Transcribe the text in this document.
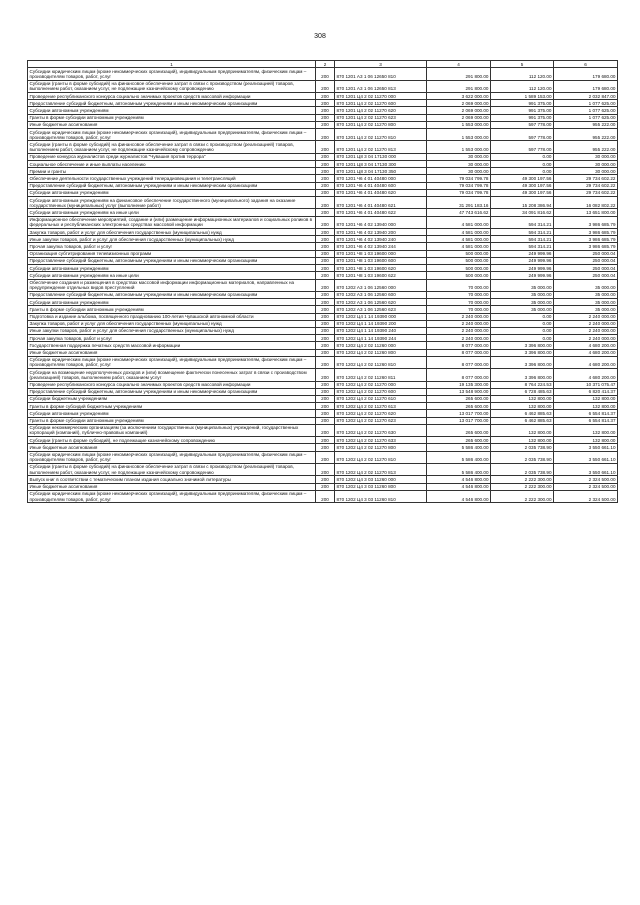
308
1	2	3	4	5	6
Субсидии юридическим лицам (кроме некоммерческих организаций), индивидуальным предпринимателям, физическим лицам – производителям товаров, работ, услуг	200	870 1201 А3 1 06 12650 810	291 800.00	112 120.00	179 680.00
Субсидии (гранты в форме субсидий) на финансовое обеспечение затрат в связи с производством (реализацией) товаров, выполнением работ, оказанием услуг, не подлежащие казначейскому сопровождению	200	870 1201 А3 1 06 12650 813	291 800.00	112 120.00	179 680.00
Проведение республиканского конкурса социально значимых проектов средств массовой информации	200	870 1201 Ц4 2 02 11270 000	3 622 000.00	1 589 153.00	2 032 847.00
Предоставление субсидий бюджетным, автономным учреждениям и иным некоммерческим организациям	200	870 1201 Ц4 2 02 11270 600	2 069 000.00	991 375.00	1 077 625.00
Субсидии автономным учреждениям	200	870 1201 Ц4 2 02 11270 620	2 069 000.00	991 375.00	1 077 625.00
Гранты в форме субсидии автономным учреждениям	200	870 1201 Ц4 2 02 11270 623	2 069 000.00	991 375.00	1 077 625.00
Иные бюджетные ассигнования	200	870 1201 Ц4 2 02 11270 800	1 553 000.00	597 778.00	955 222.00
Субсидии юридическим лицам (кроме некоммерческих организаций), индивидуальным предпринимателям, физическим лицам – производителям товаров, работ, услуг	200	870 1201 Ц4 2 02 11270 810	1 553 000.00	597 778.00	955 222.00
Субсидии (гранты в форме субсидий) на финансовое обеспечение затрат в связи с производством (реализацией) товаров, выполнением работ, оказанием услуг, не подлежащие казначейскому сопровождению	200	870 1201 Ц4 2 02 11270 813	1 553 000.00	597 778.00	955 222.00
Проведение конкурса журналистов среди журналистов "Чувашия против террора"	200	870 1201 Ц8 3 04 17130 000	30 000.00	0.00	30 000.00
Социальное обеспечение и иные выплаты населению	200	870 1201 Ц8 3 04 17130 300	30 000.00	0.00	30 000.00
Премии и гранты	200	870 1201 Ц8 3 04 17130 350	30 000.00	0.00	30 000.00
Обеспечение деятельности государственных учреждений телерадиовещания и телетрансляций	200	870 1201 Ч6 4 01 40480 000	79 034 799.78	49 300 197.56	29 734 602.22
Предоставление субсидий бюджетным, автономным учреждениям и иным некоммерческим организациям	200	870 1201 Ч6 4 01 40480 600	79 034 799.78	49 300 197.56	29 734 602.22
Субсидии автономным учреждениям	200	870 1201 Ч6 4 01 40480 620	79 034 799.78	49 300 197.56	29 734 602.22
Субсидии автономным учреждениям на финансовое обеспечение государственного (муниципального) задания на оказание государственных (муниципальных) услуг (выполнение работ)	200	870 1201 Ч6 4 01 40480 621	31 291 183.16	15 208 386.94	16 082 802.22
Субсидии автономным учреждениям на иные цели	200	870 1201 Ч6 4 01 40480 622	47 743 616.62	34 091 816.62	13 651 800.00
Информационное обеспечение мероприятий, создание и (или) размещение информационных материалов и социальных роликов в федеральных и республиканских электронных средствах массовой информации	200	870 1201 Ч6 4 02 13940 000	4 581 000.00	594 314.21	3 986 685.79
Закупка товаров, работ и услуг для обеспечения государственных (муниципальных) нужд	200	870 1201 Ч6 4 02 13940 200	4 581 000.00	594 314.21	3 986 685.79
Иные закупки товаров, работ и услуг для обеспечения государственных (муниципальных) нужд	200	870 1201 Ч6 4 02 13940 240	4 581 000.00	594 314.21	3 986 685.79
Прочая закупка товаров, работ и услуг	200	870 1201 Ч6 4 02 13940 244	4 581 000.00	594 314.21	3 986 685.79
Организация субтитрирования телевизионных программ	200	870 1201 Ч8 1 03 19600 000	500 000.00	249 999.96	250 000.04
Предоставление субсидий бюджетным, автономным учреждениям и иным некоммерческим организациям	200	870 1201 Ч8 1 03 19600 600	500 000.00	249 999.96	250 000.04
Субсидии автономным учреждениям	200	870 1201 Ч8 1 03 19600 620	500 000.00	249 999.96	250 000.04
Субсидии автономным учреждениям на иные цели	200	870 1201 Ч8 1 03 19600 622	500 000.00	249 999.96	250 000.04
Обеспечение создания и размещения в средствах массовой информации информационных материалов, направленных на предупреждение отдельных видов преступлений	200	870 1202 А3 1 06 12560 000	70 000.00	35 000.00	35 000.00
Предоставление субсидий бюджетным, автономным учреждениям и иным некоммерческим организациям	200	870 1202 А3 1 06 12560 600	70 000.00	35 000.00	35 000.00
Субсидии автономным учреждениям	200	870 1202 А3 1 06 12560 620	70 000.00	35 000.00	35 000.00
Гранты в форме субсидии автономным учреждениям	200	870 1202 А3 1 06 12560 623	70 000.00	35 000.00	35 000.00
Подготовка и издание альбома, посвященного празднованию 100-летия Чувашской автономной области	200	870 1202 Ц4 1 14 19390 000	2 240 000.00	0.00	2 240 000.00
Закупка товаров, работ и услуг для обеспечения государственных (муниципальных) нужд	200	870 1202 Ц4 1 14 19390 200	2 240 000.00	0.00	2 240 000.00
Иные закупки товаров, работ и услуг для обеспечения государственных (муниципальных) нужд	200	870 1202 Ц4 1 14 19390 240	2 240 000.00	0.00	2 240 000.00
Прочая закупка товаров, работ и услуг	200	870 1202 Ц4 1 14 19390 244	2 240 000.00	0.00	2 240 000.00
Государственная поддержка печатных средств массовой информации	200	870 1202 Ц4 2 02 11260 000	8 077 000.00	3 396 800.00	4 680 200.00
Иные бюджетные ассигнования	200	870 1202 Ц4 2 02 11260 800	8 077 000.00	3 396 800.00	4 680 200.00
Субсидии юридическим лицам (кроме некоммерческих организаций), индивидуальным предпринимателям, физическим лицам – производителям товаров, работ, услуг	200	870 1202 Ц4 2 02 11260 810	8 077 000.00	3 396 800.00	4 680 200.00
Субсидии на возмещение недополученных доходов и (или) возмещение фактически понесенных затрат в связи с производством (реализацией) товаров, выполнением работ, оказанием услуг	200	870 1202 Ц4 2 02 11260 811	8 077 000.00	3 396 800.00	4 680 200.00
Проведение республиканского конкурса социально значимых проектов средств массовой информации	200	870 1202 Ц4 2 02 11270 000	19 135 300.00	8 764 224.53	10 371 075.47
Предоставление субсидий бюджетным, автономным учреждениям и иным некоммерческим организациям	200	870 1202 Ц4 2 02 11270 600	13 548 900.00	6 728 485.63	6 820 414.37
Субсидии бюджетным учреждениям	200	870 1202 Ц4 2 02 11270 610	265 600.00	132 800.00	132 800.00
Гранты в форме субсидий бюджетным учреждениям	200	870 1202 Ц4 2 02 11270 613	265 600.00	132 800.00	132 800.00
Субсидии автономным учреждениям	200	870 1202 Ц4 2 02 11270 620	13 017 700.00	6 462 885.63	6 554 814.37
Гранты в форме субсидии автономным учреждениям	200	870 1202 Ц4 2 02 11270 623	13 017 700.00	6 462 885.63	6 554 814.37
Субсидии некоммерческим организациям (за исключением государственных (муниципальных) учреждений, государственных корпораций (компаний), публично-правовых компаний)	200	870 1202 Ц4 2 02 11270 630	265 600.00	132 800.00	132 800.00
Субсидии (гранты в форме субсидий), не подлежащие казначейскому сопровождению	200	870 1202 Ц4 2 02 11270 633	265 600.00	132 800.00	132 800.00
Иные бюджетные ассигнования	200	870 1202 Ц4 2 02 11270 800	5 586 400.00	2 035 738.90	3 550 661.10
Субсидии юридическим лицам (кроме некоммерческих организаций), индивидуальным предпринимателям, физическим лицам – производителям товаров, работ, услуг	200	870 1202 Ц4 2 02 11270 810	5 586 400.00	2 035 738.90	3 550 661.10
Субсидии (гранты в форме субсидий) на финансовое обеспечение затрат в связи с производством (реализацией) товаров, выполнением работ, оказанием услуг, не подлежащие казначейскому сопровождению	200	870 1202 Ц4 2 02 11270 813	5 586 400.00	2 035 738.90	3 550 661.10
Выпуск книг в соответствии с тематическим планом издания социально значимой литературы	200	870 1202 Ц4 3 03 11260 000	4 546 800.00	2 222 300.00	2 324 500.00
Иные бюджетные ассигнования	200	870 1202 Ц4 3 03 11260 800	4 546 800.00	2 222 300.00	2 324 500.00
Субсидии юридическим лицам (кроме некоммерческих организаций), индивидуальным предпринимателям, физическим лицам – производителям товаров, работ, услуг	200	870 1202 Ц4 3 03 11260 810	4 546 800.00	2 222 300.00	2 324 500.00
